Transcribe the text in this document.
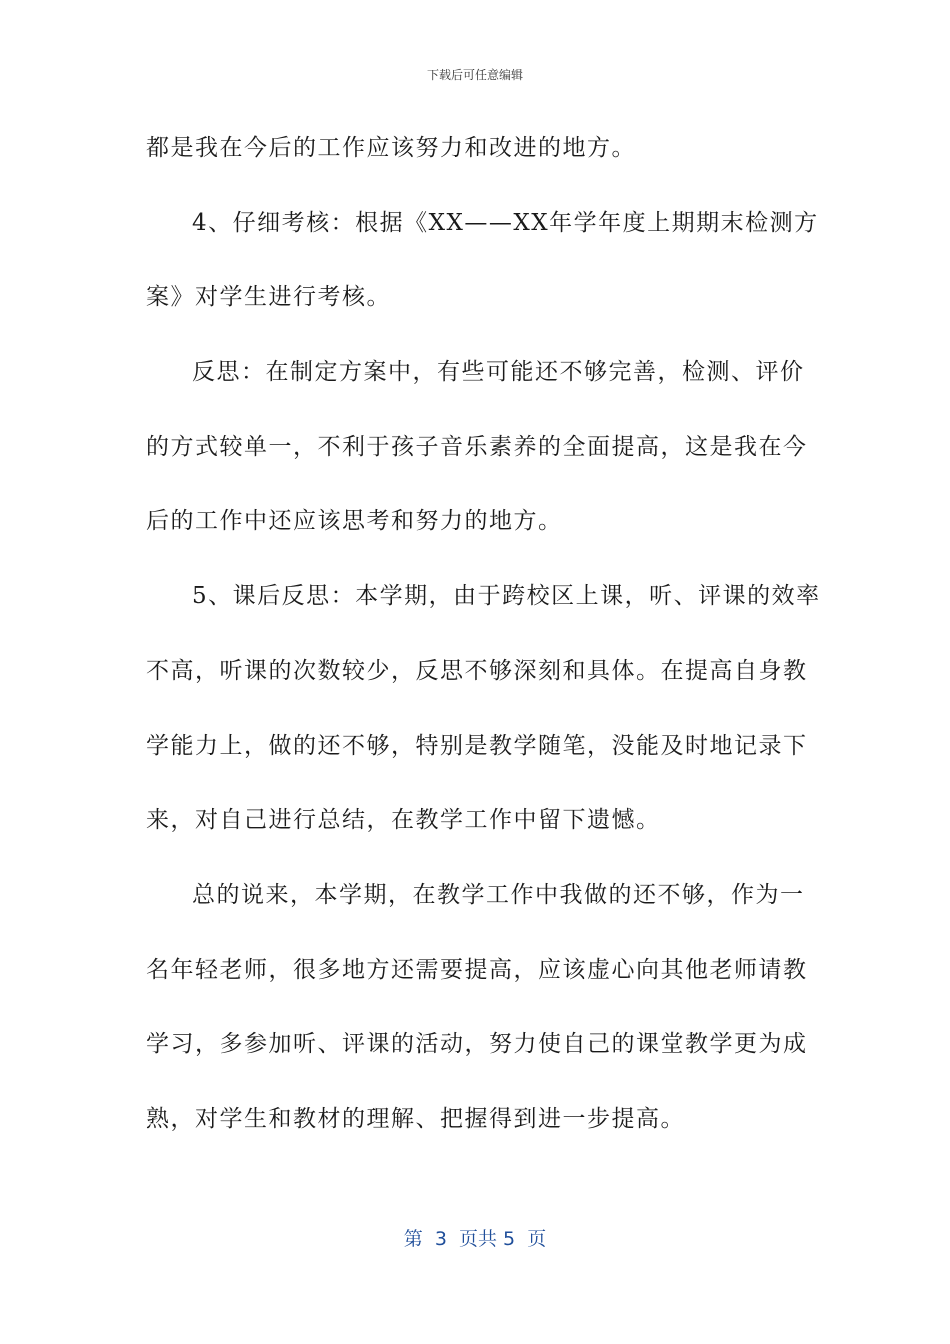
下载后可任意编辑
都是我在今后的工作应该努力和改进的地方。
4、仔细考核：根据《XX——XX年学年度上期期末检测方
案》对学生进行考核。
反思：在制定方案中，有些可能还不够完善，检测、评价
的方式较单一，不利于孩子音乐素养的全面提高，这是我在今
后的工作中还应该思考和努力的地方。
5、课后反思：本学期，由于跨校区上课，听、评课的效率
不高，听课的次数较少，反思不够深刻和具体。在提高自身教
学能力上，做的还不够，特别是教学随笔，没能及时地记录下
来，对自己进行总结，在教学工作中留下遗憾。
总的说来，本学期，在教学工作中我做的还不够，作为一
名年轻老师，很多地方还需要提高，应该虚心向其他老师请教
学习，多参加听、评课的活动，努力使自己的课堂教学更为成
熟，对学生和教材的理解、把握得到进一步提高。
第  3  页共 5  页
